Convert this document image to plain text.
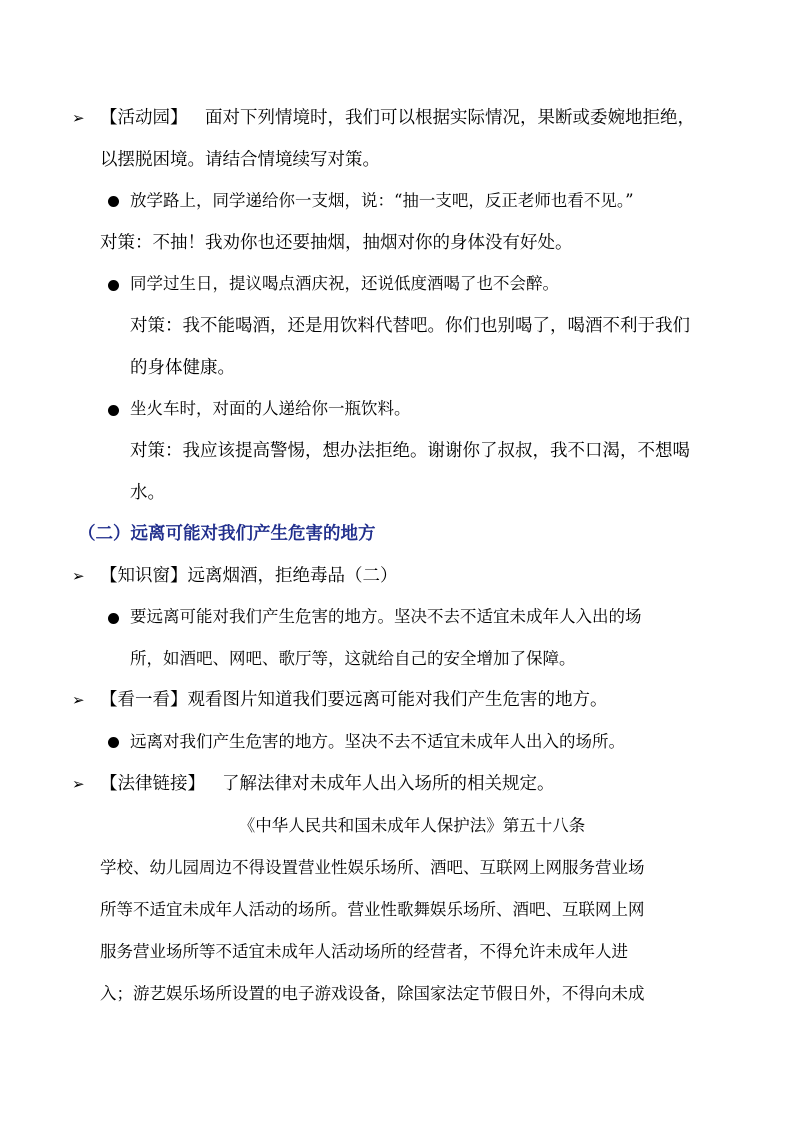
➢ 【活动园】 面对下列情境时，我们可以根据实际情况，果断或委婉地拒绝，
以摆脱困境。请结合情境续写对策。
放学路上，同学递给你一支烟，说：“抽一支吧，反正老师也看不见。”
对策：不抽！我劝你也还要抽烟，抽烟对你的身体没有好处。
同学过生日，提议喝点酒庆祝，还说低度酒喝了也不会醉。
对策：我不能喝酒，还是用饮料代替吧。你们也别喝了，喝酒不利于我们
的身体健康。
坐火车时，对面的人递给你一瓶饮料。
对策：我应该提高警惕，想办法拒绝。谢谢你了叔叔，我不口渴，不想喝
水。
（二）远离可能对我们产生危害的地方
➢ 【知识窗】远离烟酒，拒绝毒品（二）
要远离可能对我们产生危害的地方。坚决不去不适宜未成年人入出的场
所，如酒吧、网吧、歌厅等，这就给自己的安全增加了保障。
➢ 【看一看】观看图片知道我们要远离可能对我们产生危害的地方。
远离对我们产生危害的地方。坚决不去不适宜未成年人出入的场所。
➢ 【法律链接】 了解法律对未成年人出入场所的相关规定。
《中华人民共和国未成年人保护法》第五十八条
学校、幼儿园周边不得设置营业性娱乐场所、酒吧、互联网上网服务营业场
所等不适宜未成年人活动的场所。营业性歌舞娱乐场所、酒吧、互联网上网
服务营业场所等不适宜未成年人活动场所的经营者，不得允许未成年人进
入；游艺娱乐场所设置的电子游戏设备，除国家法定节假日外，不得向未成
